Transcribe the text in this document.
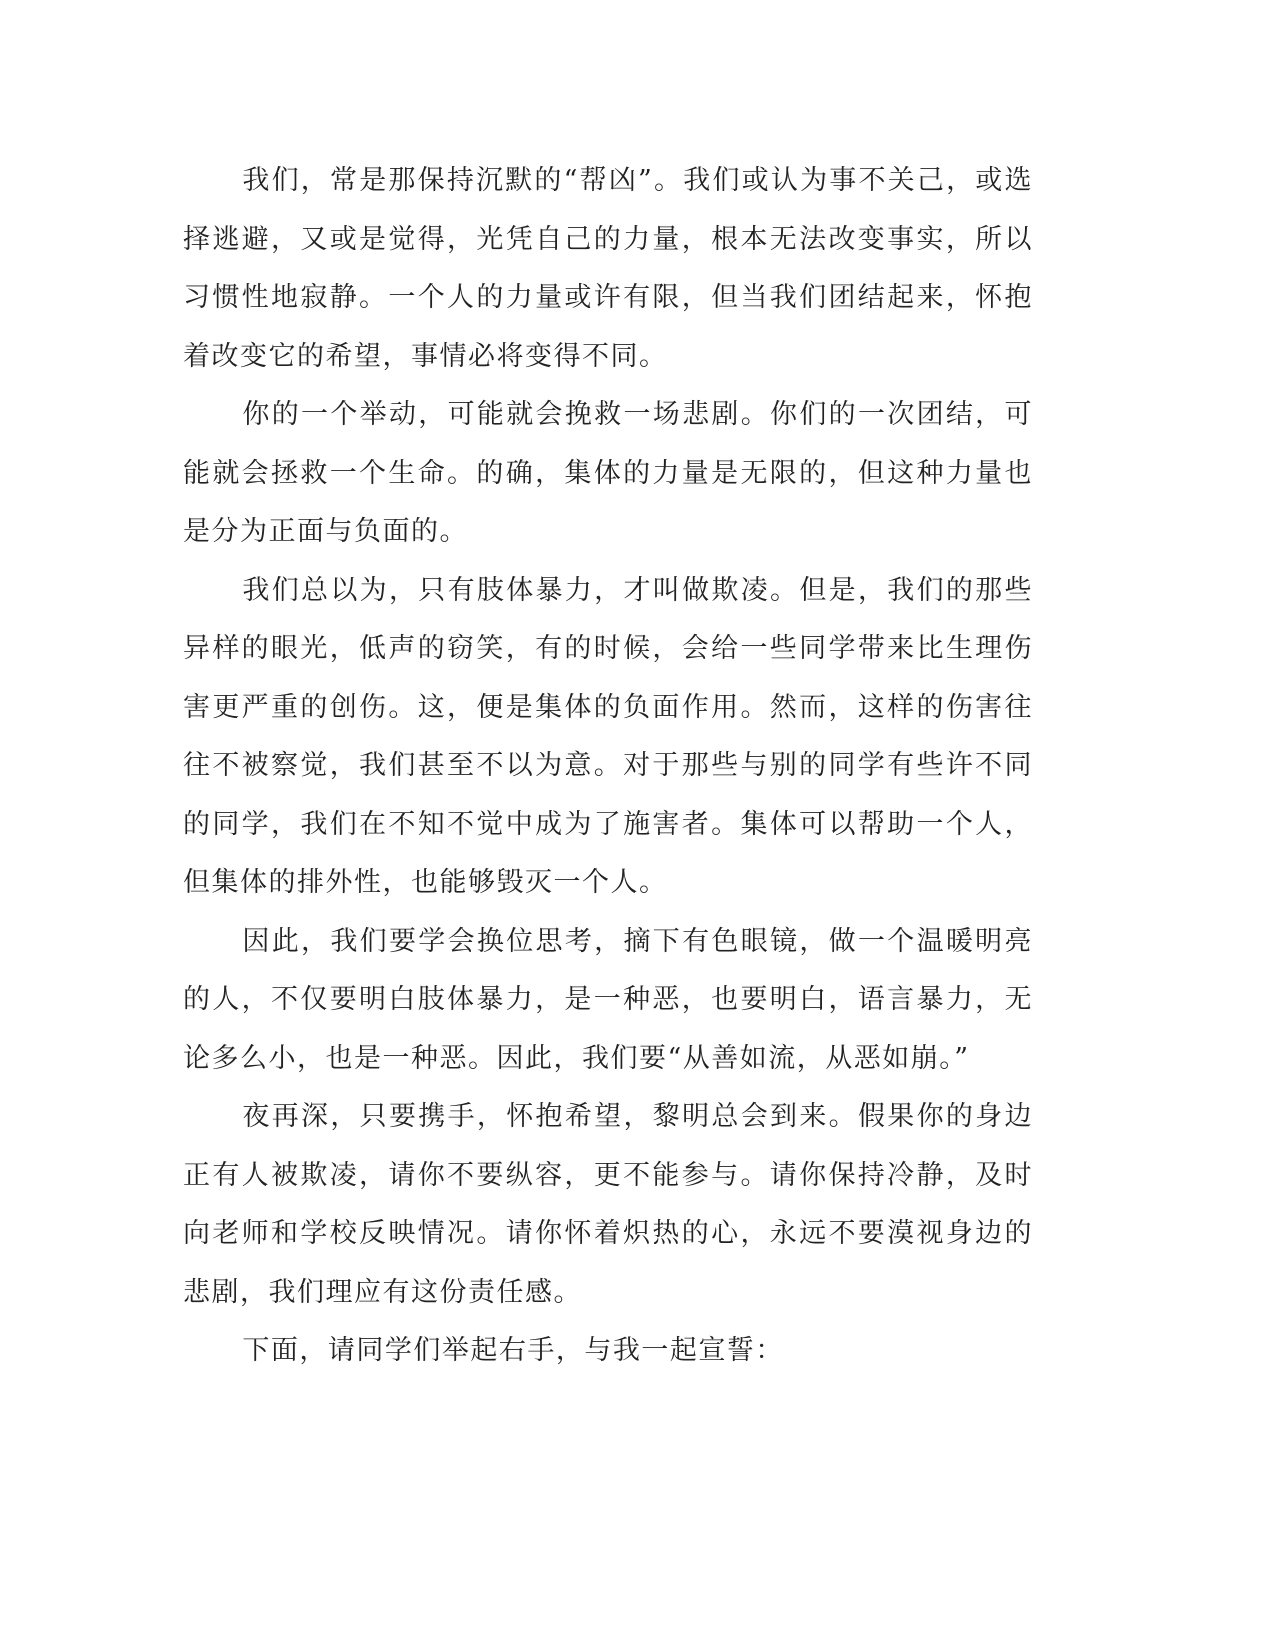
我们，常是那保持沉默的“帮凶”。我们或认为事不关己，或选择逃避，又或是觉得，光凭自己的力量，根本无法改变事实，所以习惯性地寂静。一个人的力量或许有限，但当我们团结起来，怀抱着改变它的希望，事情必将变得不同。

你的一个举动，可能就会挽救一场悲剧。你们的一次团结，可能就会拯救一个生命。的确，集体的力量是无限的，但这种力量也是分为正面与负面的。

我们总以为，只有肢体暴力，才叫做欺凌。但是，我们的那些异样的眼光，低声的窃笑，有的时候，会给一些同学带来比生理伤害更严重的创伤。这，便是集体的负面作用。然而，这样的伤害往往不被察觉，我们甚至不以为意。对于那些与别的同学有些许不同的同学，我们在不知不觉中成为了施害者。集体可以帮助一个人，但集体的排外性，也能够毁灭一个人。

因此，我们要学会换位思考，摘下有色眼镜，做一个温暖明亮的人，不仅要明白肢体暴力，是一种恶，也要明白，语言暴力，无论多么小，也是一种恶。因此，我们要“从善如流，从恶如崩。”

夜再深，只要携手，怀抱希望，黎明总会到来。假果你的身边正有人被欺凌，请你不要纵容，更不能参与。请你保持冷静，及时向老师和学校反映情况。请你怀着炽热的心，永远不要漠视身边的悲剧，我们理应有这份责任感。

下面，请同学们举起右手，与我一起宣誓：
